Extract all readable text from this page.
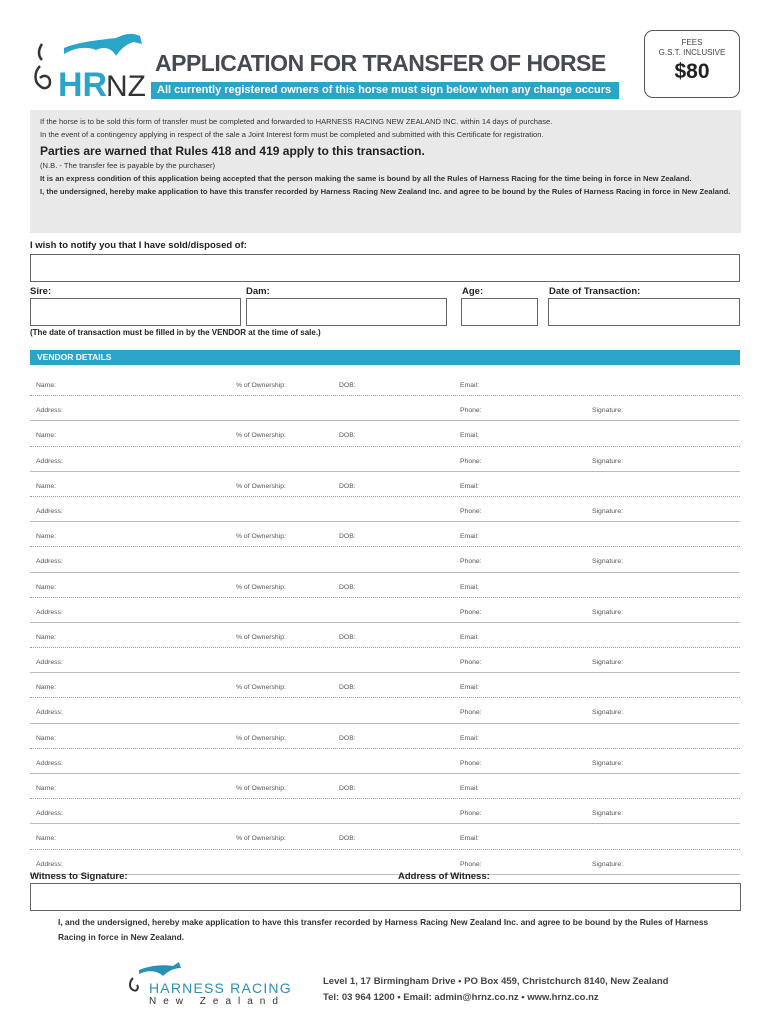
HR
NZ
APPLICATION FOR TRANSFER OF HORSE
All currently registered owners of this horse must sign below when any change occurs
FEES
G.S.T. INCLUSIVE
$80
If the horse is to be sold this form of transfer must be completed and forwarded to HARNESS RACING NEW ZEALAND INC. within 14 days of purchase.
In the event of a contingency applying in respect of the sale a Joint Interest form must be completed and submitted with this Certificate for registration.
Parties are warned that Rules 418 and 419 apply to this transaction.
(N.B. - The transfer fee is payable by the purchaser)
It is an express condition of this application being accepted that the person making the same is bound by all the Rules of Harness Racing for the time being in force in New Zealand.
I, the undersigned, hereby make application to have this transfer recorded by Harness Racing New Zealand Inc. and agree to be bound by the Rules of Harness Racing in force in New Zealand.
I wish to notify you that I have sold/disposed of:
Sire:	Dam:	Age:	Date of Transaction:
(The date of transaction must be filled in by the VENDOR at the time of sale.)
VENDOR DETAILS
Name:	% of Ownership:	DOB:	Email:
Address:	Phone:	Signature:
Name:	% of Ownership:	DOB:	Email:
Address:	Phone:	Signature:
Name:	% of Ownership:	DOB:	Email:
Address:	Phone:	Signature:
Name:	% of Ownership:	DOB:	Email:
Address:	Phone:	Signature:
Name:	% of Ownership:	DOB:	Email:
Address:	Phone:	Signature:
Name:	% of Ownership:	DOB:	Email:
Address:	Phone:	Signature:
Name:	% of Ownership:	DOB:	Email:
Address:	Phone:	Signature:
Name:	% of Ownership:	DOB:	Email:
Address:	Phone:	Signature:
Name:	% of Ownership:	DOB:	Email:
Address:	Phone:	Signature:
Name:	% of Ownership:	DOB:	Email:
Address:	Phone:	Signature:
Witness to Signature:	Address of Witness:
I, and the undersigned, hereby make application to have this transfer recorded by Harness Racing New Zealand Inc. and agree to be bound by the Rules of Harness Racing in force in New Zealand.
HARNESS RACING
New Zealand
Level 1, 17 Birmingham Drive • PO Box 459, Christchurch 8140, New Zealand
Tel: 03 964 1200 • Email: admin@hrnz.co.nz • www.hrnz.co.nz
